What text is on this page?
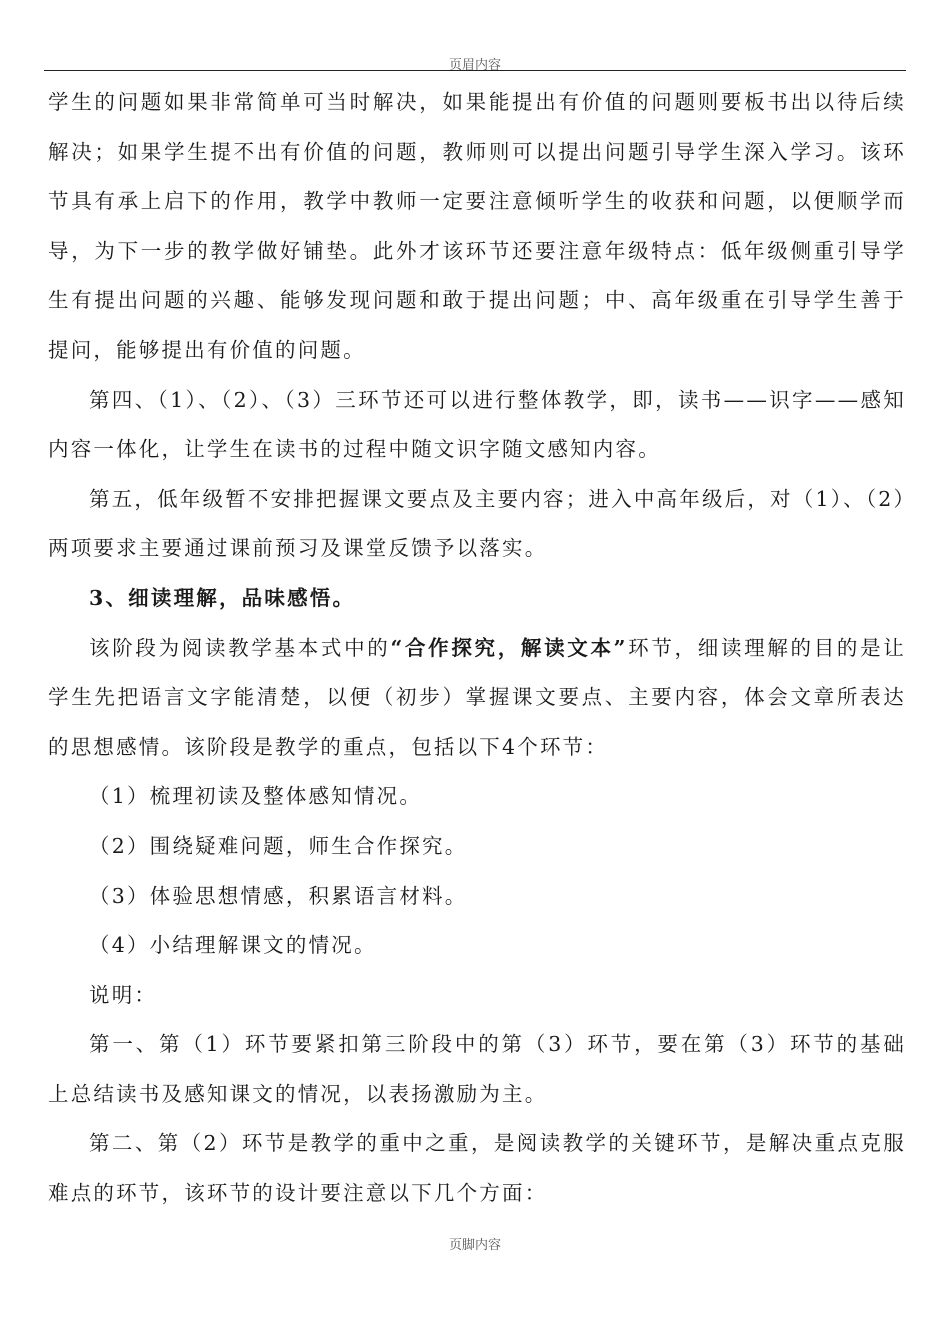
页眉内容

学生的问题如果非常简单可当时解决，如果能提出有价值的问题则要板书出以待后续解决；如果学生提不出有价值的问题，教师则可以提出问题引导学生深入学习。该环节具有承上启下的作用，教学中教师一定要注意倾听学生的收获和问题，以便顺学而导，为下一步的教学做好铺垫。此外才该环节还要注意年级特点：低年级侧重引导学生有提出问题的兴趣、能够发现问题和敢于提出问题；中、高年级重在引导学生善于提问，能够提出有价值的问题。

第四、（1）、（2）、（3）三环节还可以进行整体教学，即，读书——识字——感知内容一体化，让学生在读书的过程中随文识字随文感知内容。

第五，低年级暂不安排把握课文要点及主要内容；进入中高年级后，对（1）、（2）两项要求主要通过课前预习及课堂反馈予以落实。

3、细读理解，品味感悟。

该阶段为阅读教学基本式中的“合作探究，解读文本”环节，细读理解的目的是让学生先把语言文字能清楚，以便（初步）掌握课文要点、主要内容，体会文章所表达的思想感情。该阶段是教学的重点，包括以下4个环节：

（1）梳理初读及整体感知情况。

（2）围绕疑难问题，师生合作探究。

（3）体验思想情感，积累语言材料。

（4）小结理解课文的情况。

说明：

第一、第（1）环节要紧扣第三阶段中的第（3）环节，要在第（3）环节的基础上总结读书及感知课文的情况，以表扬激励为主。

第二、第（2）环节是教学的重中之重，是阅读教学的关键环节，是解决重点克服难点的环节，该环节的设计要注意以下几个方面：

页脚内容
